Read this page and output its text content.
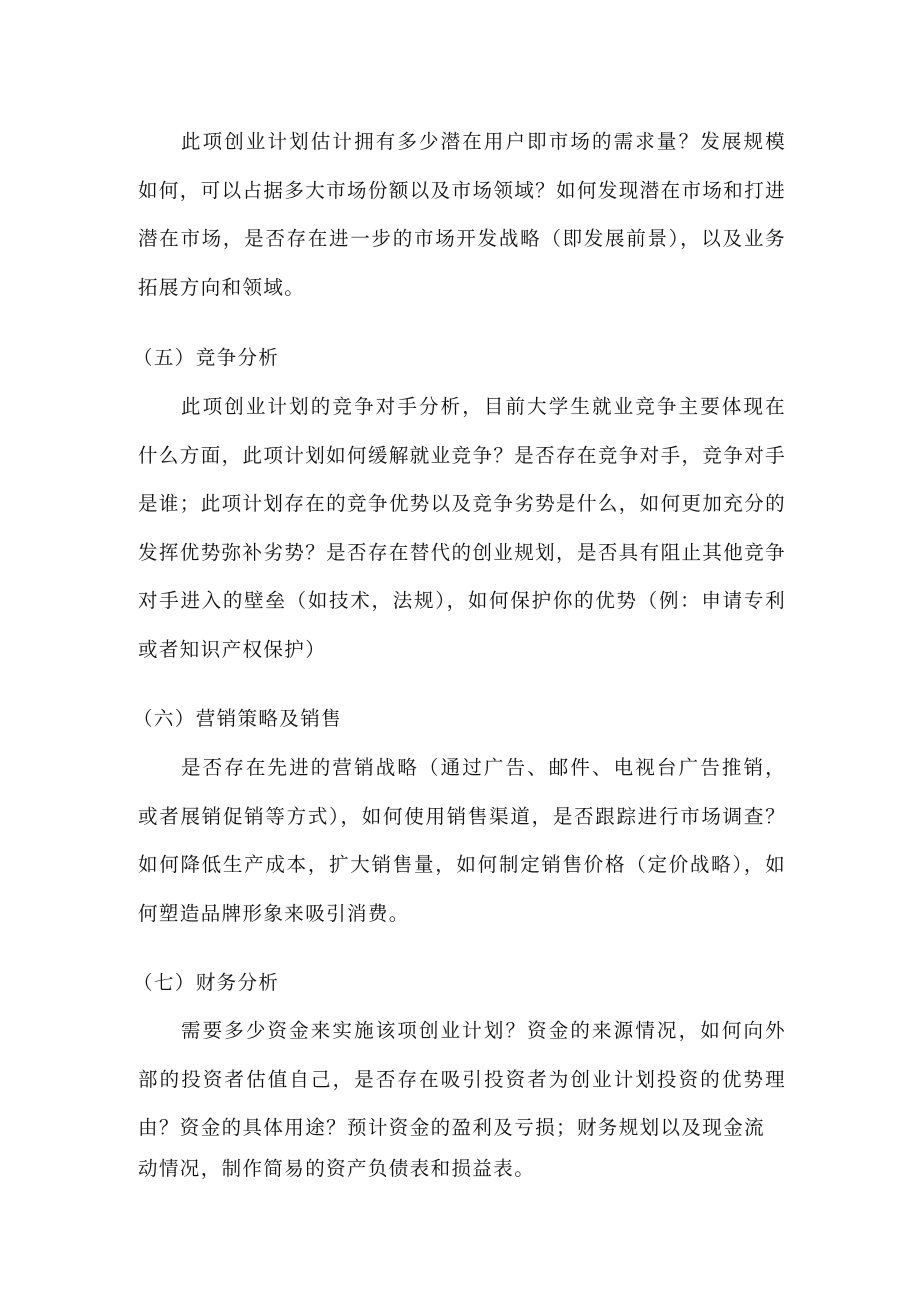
此项创业计划估计拥有多少潜在用户即市场的需求量？发展规模如何，可以占据多大市场份额以及市场领域？如何发现潜在市场和打进潜在市场，是否存在进一步的市场开发战略（即发展前景），以及业务拓展方向和领域。

（五）竞争分析

此项创业计划的竞争对手分析，目前大学生就业竞争主要体现在什么方面，此项计划如何缓解就业竞争？是否存在竞争对手，竞争对手是谁；此项计划存在的竞争优势以及竞争劣势是什么，如何更加充分的发挥优势弥补劣势？是否存在替代的创业规划，是否具有阻止其他竞争对手进入的壁垒（如技术，法规），如何保护你的优势（例：申请专利或者知识产权保护）

（六）营销策略及销售

是否存在先进的营销战略（通过广告、邮件、电视台广告推销，或者展销促销等方式），如何使用销售渠道，是否跟踪进行市场调查？如何降低生产成本，扩大销售量，如何制定销售价格（定价战略），如何塑造品牌形象来吸引消费。

（七）财务分析

需要多少资金来实施该项创业计划？资金的来源情况，如何向外部的投资者估值自己，是否存在吸引投资者为创业计划投资的优势理由？资金的具体用途？预计资金的盈利及亏损；财务规划以及现金流

动情况，制作简易的资产负债表和损益表。
